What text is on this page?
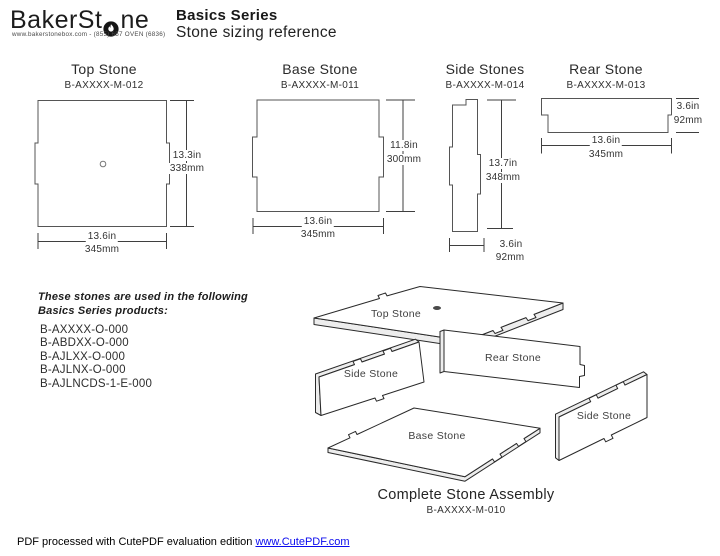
BakerSt ne
www.bakerstonebox.com - (855) 657 OVEN (6836)
Basics Series
Stone sizing reference
Top Stone
B-AXXXX-M-012
Base Stone
B-AXXXX-M-011
Side Stones
B-AXXXX-M-014
Rear Stone
B-AXXXX-M-013
13.3in
338mm
13.6in
345mm
11.8in
300mm
13.6in
345mm
13.7in
348mm
3.6in
92mm
3.6in
92mm
13.6in
345mm
These stones are used in the following
Basics Series products:
B-AXXXX-O-000
B-ABDXX-O-000
B-AJLXX-O-000
B-AJLNX-O-000
B-AJLNCDS-1-E-000
Top Stone
Rear Stone
Side Stone
Side Stone
Base Stone
Complete Stone Assembly
B-AXXXX-M-010
PDF processed with CutePDF evaluation edition www.CutePDF.com
